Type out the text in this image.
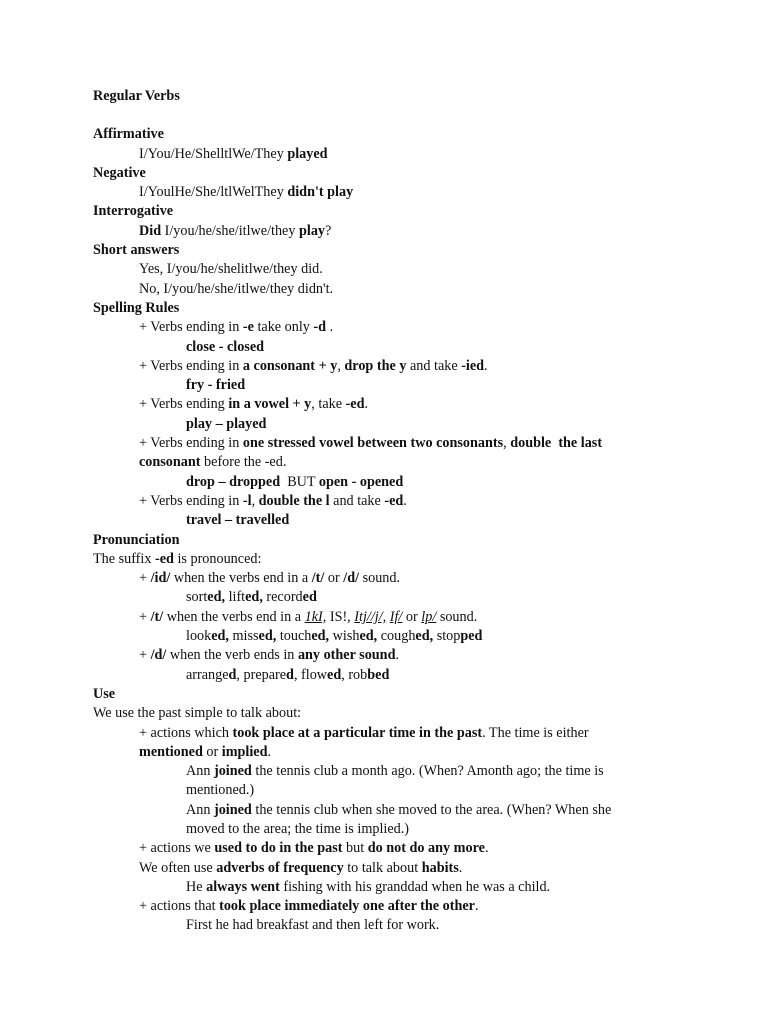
Regular Verbs
Affirmative
I/You/He/ShelltlWe/They played
Negative
I/YoulHe/She/ltlWelThey didn't play
Interrogative
Did I/you/he/she/itlwe/they play?
Short answers
Yes, I/you/he/shelitlwe/they did.
No, I/you/he/she/itlwe/they didn't.
Spelling Rules
+ Verbs ending in -e take only -d .
close - closed
+ Verbs ending in a consonant + y, drop the y and take -ied.
fry - fried
+ Verbs ending in a vowel + y, take -ed.
play – played
+ Verbs ending in one stressed vowel between two consonants, double  the last
consonant before the -ed.
drop – dropped  BUT open - opened
+ Verbs ending in -l, double the l and take -ed.
travel – travelled
Pronunciation
The suffix -ed is pronounced:
+ /id/ when the verbs end in a /t/ or /d/ sound.
sorted, lifted, recorded
+ /t/ when the verbs end in a 1kI, IS!, Itj//j/, If/ or lp/ sound.
looked, missed, touched, wished, coughed, stopped
+ /d/ when the verb ends in any other sound.
arranged, prepared, flowed, robbed
Use
We use the past simple to talk about:
+ actions which took place at a particular time in the past. The time is either
mentioned or implied.
Ann joined the tennis club a month ago. (When? Amonth ago; the time is
mentioned.)
Ann joined the tennis club when she moved to the area. (When? When she
moved to the area; the time is implied.)
+ actions we used to do in the past but do not do any more.
We often use adverbs of frequency to talk about habits.
He always went fishing with his granddad when he was a child.
+ actions that took place immediately one after the other.
First he had breakfast and then left for work.
